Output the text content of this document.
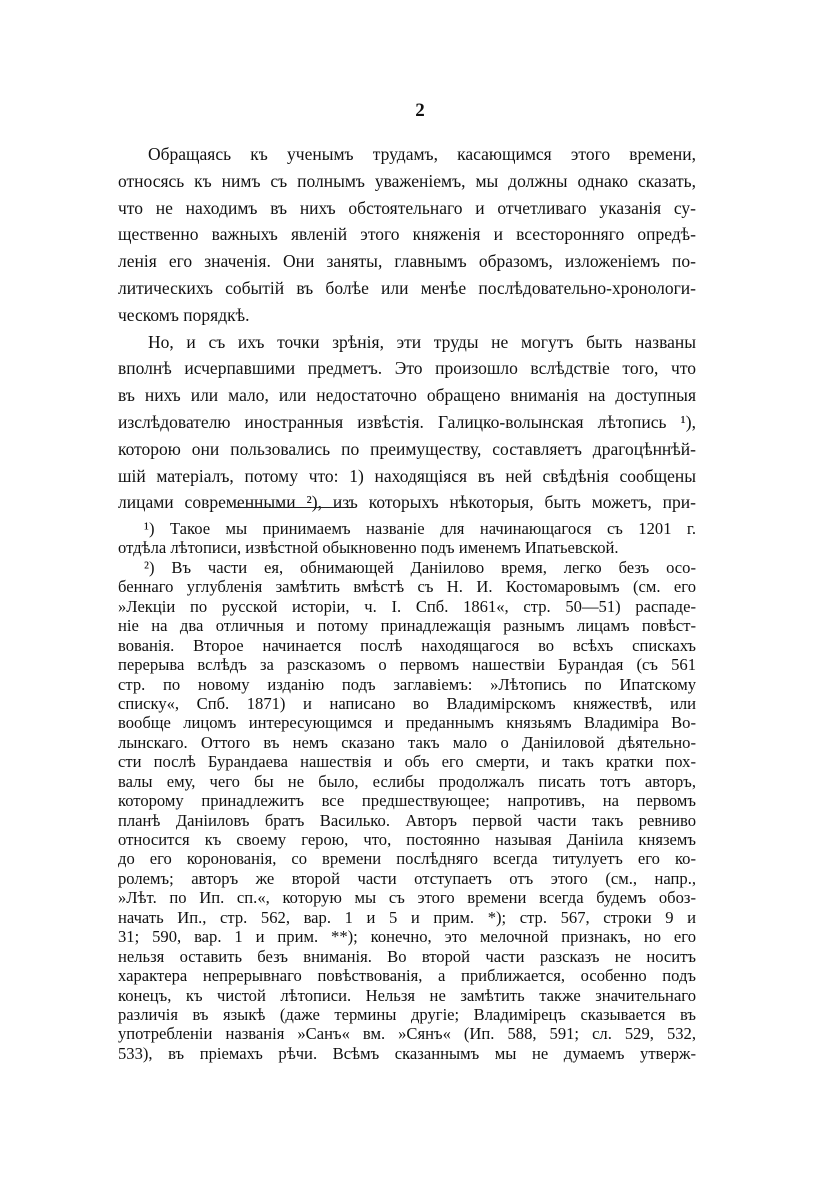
2
Обращаясь къ ученымъ трудамъ, касающимся этого времени,
относясь къ нимъ съ полнымъ уваженіемъ, мы должны однако сказать,
что не находимъ въ нихъ обстоятельнаго и отчетливаго указанія су-
щественно важныхъ явленій этого княженія и всесторонняго опредѣ-
ленія его значенія. Они заняты, главнымъ образомъ, изложеніемъ по-
литическихъ событій въ болѣе или менѣе послѣдовательно-хронологи-
ческомъ порядкѣ.
Но, и съ ихъ точки зрѣнія, эти труды не могутъ быть названы
вполнѣ исчерпавшими предметъ. Это произошло вслѣдствіе того, что
въ нихъ или мало, или недостаточно обращено вниманія на доступныя
изслѣдователю иностранныя извѣстія. Галицко-волынская лѣтопись ¹),
которою они пользовались по преимуществу, составляетъ драгоцѣннѣй-
шій матеріалъ, потому что: 1) находящіяся въ ней свѣдѣнія сообщены
лицами современными ²), изъ которыхъ нѣкоторыя, быть можетъ, при-
¹) Такое мы принимаемъ названіе для начинающагося съ 1201 г.
отдѣла лѣтописи, извѣстной обыкновенно подъ именемъ Ипатьевской.
²) Въ части ея, обнимающей Даніилово время, легко безъ осо-
беннаго углубленія замѣтить вмѣстѣ съ Н. И. Костомаровымъ (см. его
»Лекціи по русской исторіи, ч. I. Спб. 1861«, стр. 50—51) распаде-
ніе на два отличныя и потому принадлежащія разнымъ лицамъ повѣст-
вованія. Второе начинается послѣ находящагося во всѣхъ спискахъ
перерыва вслѣдъ за разсказомъ о первомъ нашествіи Бурандая (съ 561
стр. по новому изданію подъ заглавіемъ: »Лѣтопись по Ипатскому
списку«, Спб. 1871) и написано во Владимірскомъ княжествѣ, или
вообще лицомъ интересующимся и преданнымъ князьямъ Владиміра Во-
лынскаго. Оттого въ немъ сказано такъ мало о Даніиловой дѣятельно-
сти послѣ Бурандаева нашествія и объ его смерти, и такъ кратки пох-
валы ему, чего бы не было, еслибы продолжалъ писать тотъ авторъ,
которому принадлежитъ все предшествующее; напротивъ, на первомъ
планѣ Даніиловъ братъ Василько. Авторъ первой части такъ ревниво
относится къ своему герою, что, постоянно называя Даніила княземъ
до его коронованія, со времени послѣдняго всегда титулуетъ его ко-
ролемъ; авторъ же второй части отступаетъ отъ этого (см., напр.,
»Лѣт. по Ип. сп.«, которую мы съ этого времени всегда будемъ обоз-
начать Ип., стр. 562, вар. 1 и 5 и прим. *); стр. 567, строки 9 и
31; 590, вар. 1 и прим. **); конечно, это мелочной признакъ, но его
нельзя оставить безъ вниманія. Во второй части разсказъ не носитъ
характера непрерывнаго повѣствованія, а приближается, особенно подъ
конецъ, къ чистой лѣтописи. Нельзя не замѣтить также значительнаго
различія въ языкѣ (даже термины другіе; Владимірецъ сказывается въ
употребленіи названія »Санъ« вм. »Сянъ« (Ип. 588, 591; сл. 529, 532,
533), въ пріемахъ рѣчи. Всѣмъ сказаннымъ мы не думаемъ утверж-
